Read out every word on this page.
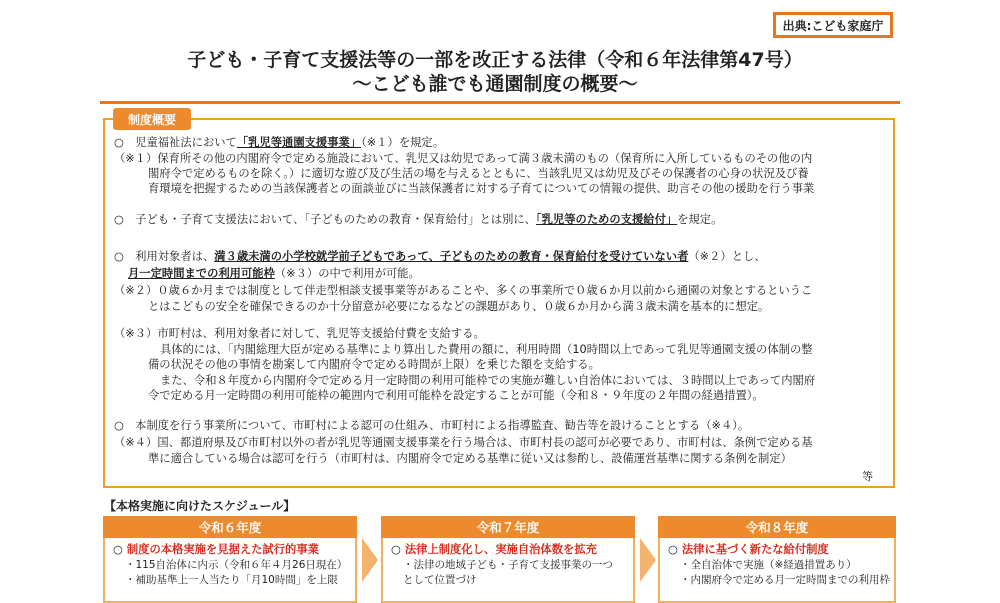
出典:こども家庭庁
子ども・子育て支援法等の一部を改正する法律（令和６年法律第47号）
〜こども誰でも通園制度の概要〜
制度概要
○　児童福祉法において「乳児等通園支援事業」（※１）を規定。
（※１）保育所その他の内閣府令で定める施設において、乳児又は幼児であって満３歳未満のもの（保育所に入所しているものその他の内
閣府令で定めるものを除く。）に適切な遊び及び生活の場を与えるとともに、当該乳児又は幼児及びその保護者の心身の状況及び養
育環境を把握するための当該保護者との面談並びに当該保護者に対する子育てについての情報の提供、助言その他の援助を行う事業
○　子ども・子育て支援法において、「子どものための教育・保育給付」とは別に、「乳児等のための支援給付」を規定。
○　利用対象者は、満３歳未満の小学校就学前子どもであって、子どものための教育・保育給付を受けていない者（※２）とし、
月一定時間までの利用可能枠（※３）の中で利用が可能。
（※２）０歳６か月までは制度として伴走型相談支援事業等があることや、多くの事業所で０歳６か月以前から通園の対象とするというこ
とはこどもの安全を確保できるのか十分留意が必要になるなどの課題があり、０歳６か月から満３歳未満を基本的に想定。
（※３）市町村は、利用対象者に対して、乳児等支援給付費を支給する。
具体的には、「内閣総理大臣が定める基準により算出した費用の額に、利用時間（10時間以上であって乳児等通園支援の体制の整
備の状況その他の事情を勘案して内閣府令で定める時間が上限）を乗じた額を支給する。
また、令和８年度から内閣府令で定める月一定時間の利用可能枠での実施が難しい自治体においては、３時間以上であって内閣府
令で定める月一定時間の利用可能枠の範囲内で利用可能枠を設定することが可能（令和８・９年度の２年間の経過措置）。
○　本制度を行う事業所について、市町村による認可の仕組み、市町村による指導監査、勧告等を設けることとする（※４）。
（※４）国、都道府県及び市町村以外の者が乳児等通園支援事業を行う場合は、市町村長の認可が必要であり、市町村は、条例で定める基
準に適合している場合は認可を行う（市町村は、内閣府令で定める基準に従い又は参酌し、設備運営基準に関する条例を制定）
等
【本格実施に向けたスケジュール】
令和６年度
○ 制度の本格実施を見据えた試行的事業
・115自治体に内示（令和６年４月26日現在）
・補助基準上一人当たり「月10時間」を上限
令和７年度
○ 法律上制度化し、実施自治体数を拡充
・法律の地域子ども・子育て支援事業の一つ
として位置づけ
令和８年度
○ 法律に基づく新たな給付制度
・全自治体で実施（※経過措置あり）
・内閣府令で定める月一定時間までの利用枠
